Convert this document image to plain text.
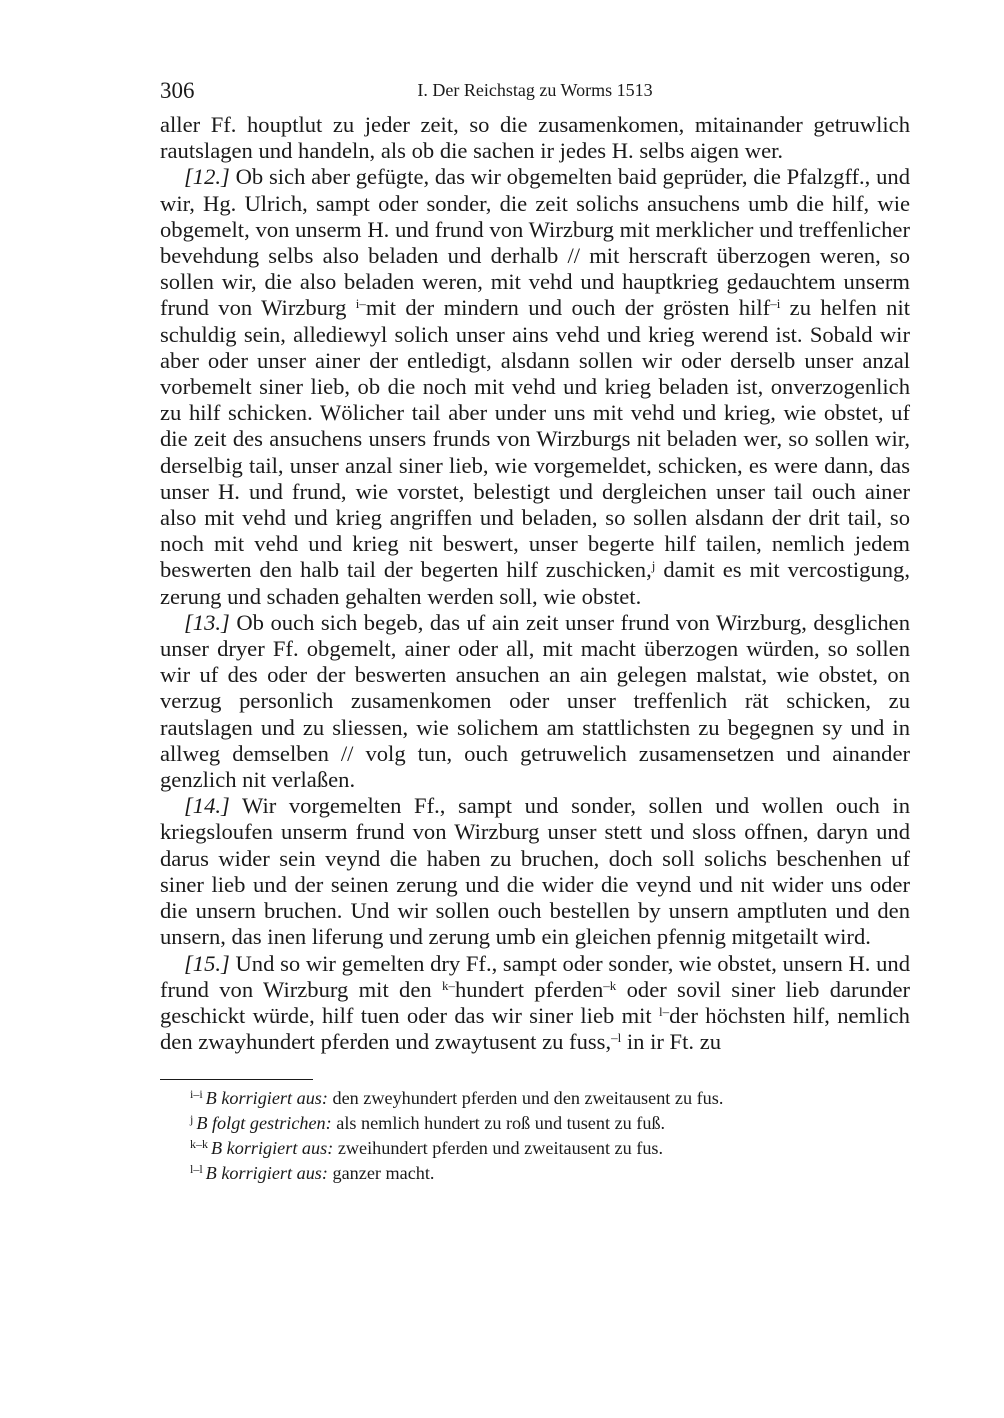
306	I. Der Reichstag zu Worms 1513

aller Ff. houptlut zu jeder zeit, so die zusamenkomen, mitainander getruwlich rautslagen und handeln, als ob die sachen ir jedes H. selbs aigen wer.

[12.] Ob sich aber gefügte, das wir obgemelten baid geprüder, die Pfalzgff., und wir, Hg. Ulrich, sampt oder sonder, die zeit solichs ansuchens umb die hilf, wie obgemelt, von unserm H. und frund von Wirzburg mit merklicher und treffenlicher bevehdung selbs also beladen und derhalb // mit herscraft überzogen weren, so sollen wir, die also beladen weren, mit vehd und hauptkrieg gedauchtem unserm frund von Wirzburg $^{i-}$mit der mindern und ouch der grösten hilf$^{-i}$ zu helfen nit schuldig sein, allediewyl solich unser ains vehd und krieg werend ist. Sobald wir aber oder unser ainer der entledigt, alsdann sollen wir oder derselb unser anzal vorbemelt siner lieb, ob die noch mit vehd und krieg beladen ist, onverzogenlich zu hilf schicken. Wölicher tail aber under uns mit vehd und krieg, wie obstet, uf die zeit des ansuchens unsers frunds von Wirzburgs nit beladen wer, so sollen wir, derselbig tail, unser anzal siner lieb, wie vorgemeldet, schicken, es were dann, das unser H. und frund, wie vorstet, belestigt und dergleichen unser tail ouch ainer also mit vehd und krieg angriffen und beladen, so sollen alsdann der drit tail, so noch mit vehd und krieg nit beswert, unser begerte hilf tailen, nemlich jedem beswerten den halb tail der begerten hilf zuschicken,$^j$ damit es mit vercostigung, zerung und schaden gehalten werden soll, wie obstet.

[13.] Ob ouch sich begeb, das uf ain zeit unser frund von Wirzburg, desglichen unser dryer Ff. obgemelt, ainer oder all, mit macht überzogen würden, so sollen wir uf des oder der beswerten ansuchen an ain gelegen malstat, wie obstet, on verzug personlich zusamenkomen oder unser treffenlich rät schicken, zu rautslagen und zu sliessen, wie solichem am stattlichsten zu begegnen sy und in allweg demselben // volg tun, ouch getruwelich zusamensetzen und ainander genzlich nit verlaßen.

[14.] Wir vorgemelten Ff., sampt und sonder, sollen und wollen ouch in kriegsloufen unserm frund von Wirzburg unser stett und sloss offnen, daryn und darus wider sein veynd die haben zu bruchen, doch soll solichs beschenhen uf siner lieb und der seinen zerung und die wider die veynd und nit wider uns oder die unsern bruchen. Und wir sollen ouch bestellen by unsern amptluten und den unsern, das inen liferung und zerung umb ein gleichen pfennig mitgetailt wird.

[15.] Und so wir gemelten dry Ff., sampt oder sonder, wie obstet, unsern H. und frund von Wirzburg mit den $^{k-}$hundert pferden$^{-k}$ oder sovil siner lieb darunder geschickt würde, hilf tuen oder das wir siner lieb mit $^{l-}$der höchsten hilf, nemlich den zwayhundert pferden und zwaytusent zu fuss,$^{-l}$ in ir Ft. zu

$^{i-i}$ B korrigiert aus: den zweyhundert pferden und den zweitausent zu fus.
$^j$ B folgt gestrichen: als nemlich hundert zu roß und tusent zu fuß.
$^{k-k}$ B korrigiert aus: zweihundert pferden und zweitausent zu fus.
$^{l-l}$ B korrigiert aus: ganzer macht.
